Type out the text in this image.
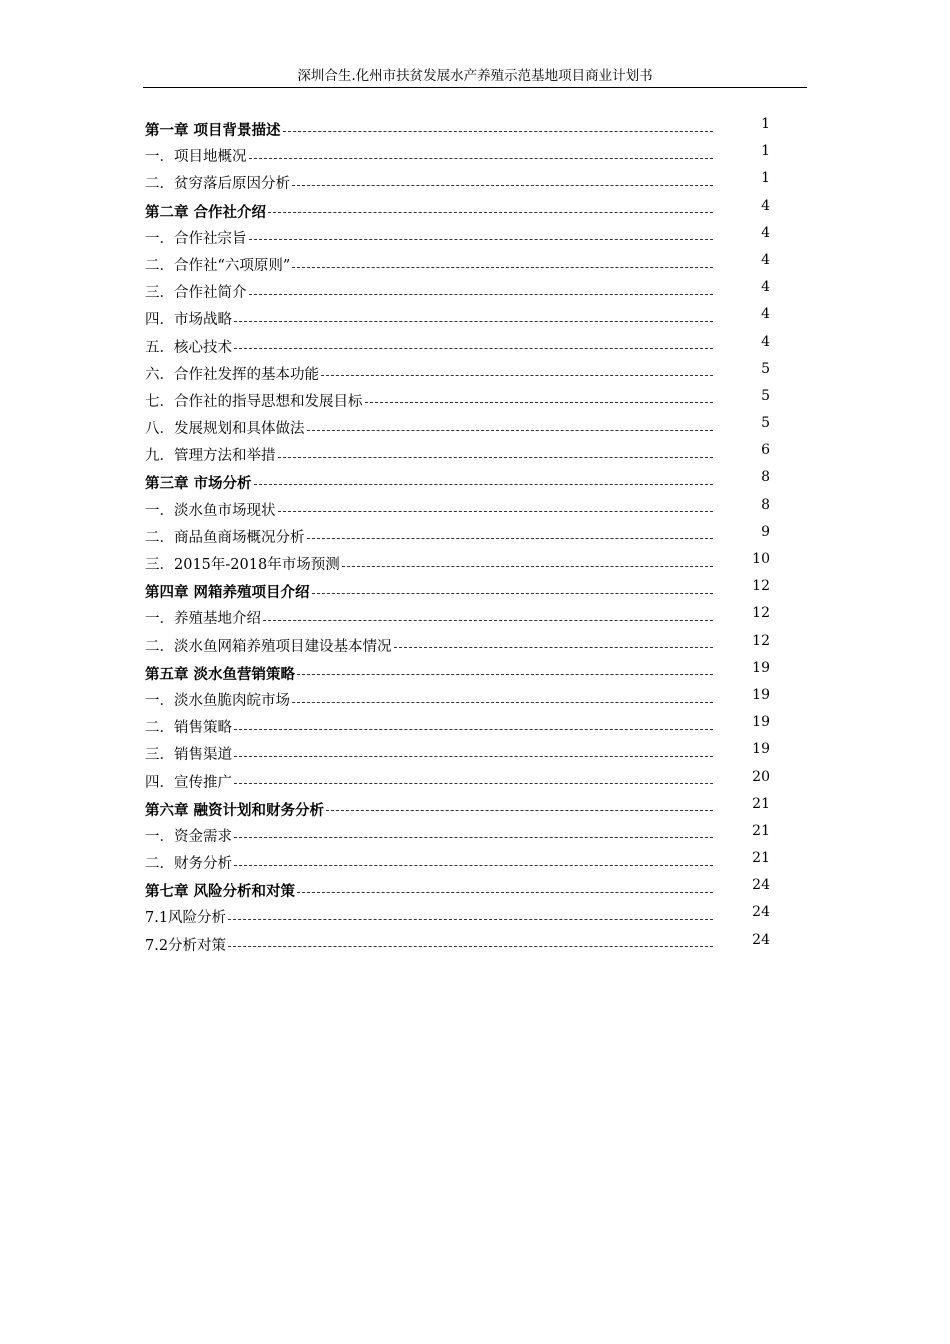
深圳合生.化州市扶贫发展水产养殖示范基地项目商业计划书
第一章 项目背景描述	1
一．项目地概况	1
二．贫穷落后原因分析	1
第二章 合作社介绍	4
一．合作社宗旨	4
二．合作社“六项原则”	4
三．合作社简介	4
四．市场战略	4
五．核心技术	4
六．合作社发挥的基本功能	5
七．合作社的指导思想和发展目标	5
八．发展规划和具体做法	5
九．管理方法和举措	6
第三章 市场分析	8
一．淡水鱼市场现状	8
二．商品鱼商场概况分析	9
三．2015年-2018年市场预测	10
第四章 网箱养殖项目介绍	12
一．养殖基地介绍	12
二．淡水鱼网箱养殖项目建设基本情况	12
第五章 淡水鱼营销策略	19
一．淡水鱼脆肉皖市场	19
二．销售策略	19
三．销售渠道	19
四．宣传推广	20
第六章 融资计划和财务分析	21
一．资金需求	21
二．财务分析	21
第七章 风险分析和对策	24
7.1风险分析	24
7.2分析对策	24
